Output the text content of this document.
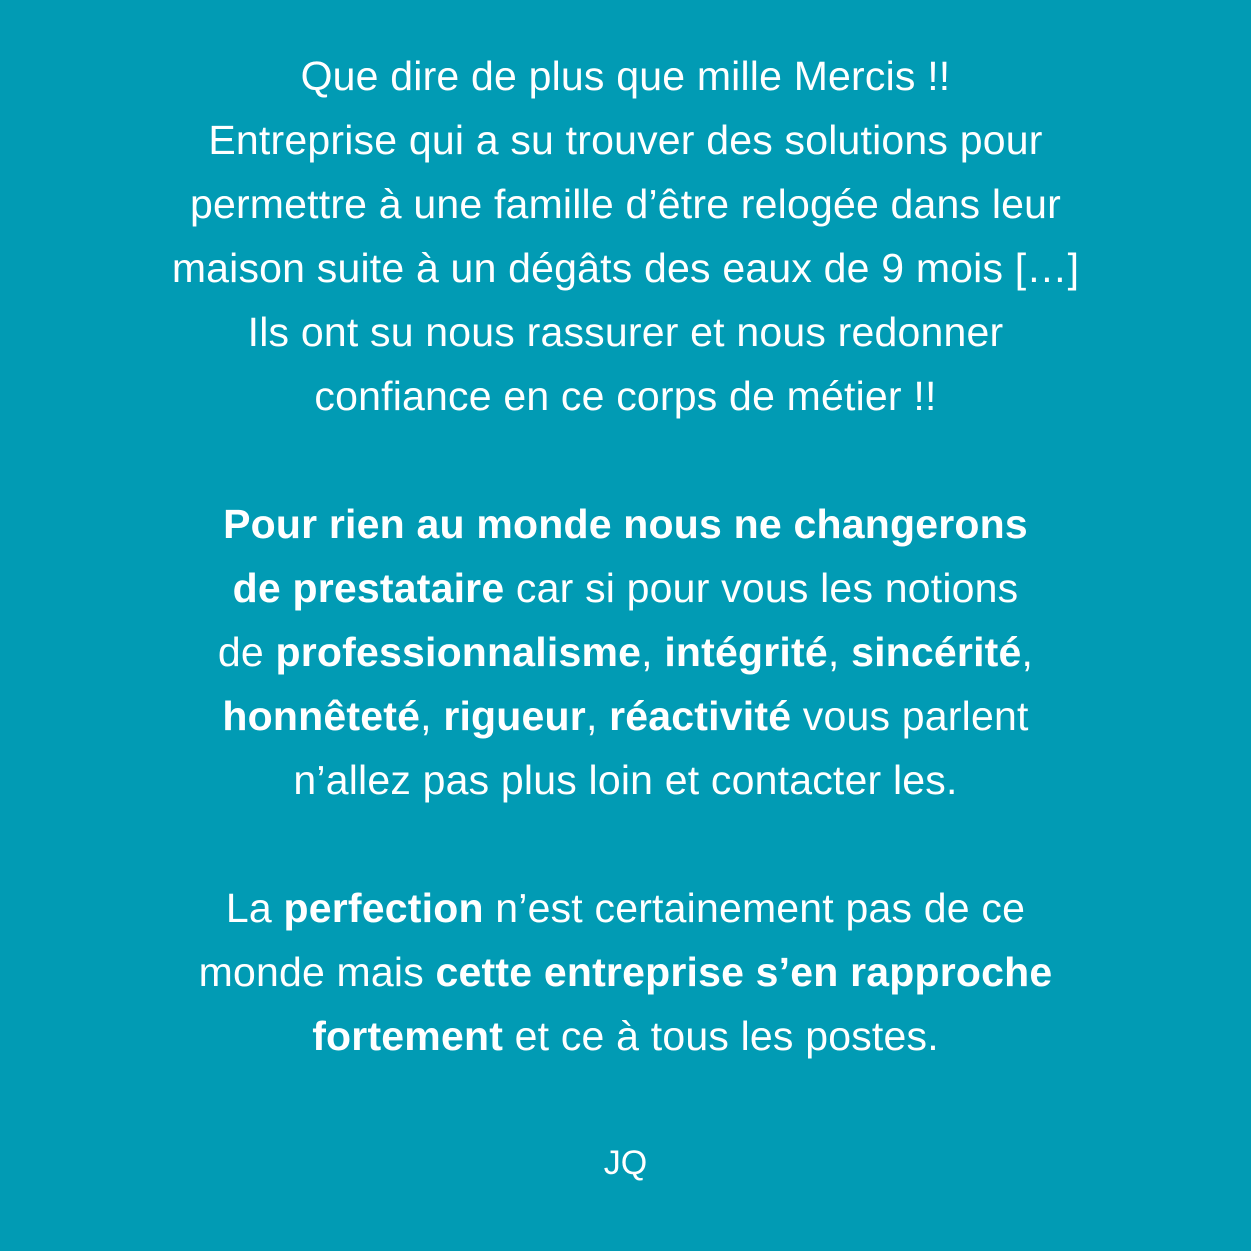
Que dire de plus que mille Mercis !!
Entreprise qui a su trouver des solutions pour
permettre à une famille d’être relogée dans leur
maison suite à un dégâts des eaux de 9 mois […]
Ils ont su nous rassurer et nous redonner
confiance en ce corps de métier !!
Pour rien au monde nous ne changerons
de prestataire car si pour vous les notions
de professionnalisme, intégrité, sincérité,
honnêteté, rigueur, réactivité vous parlent
n’allez pas plus loin et contacter les.
La perfection n’est certainement pas de ce
monde mais cette entreprise s’en rapproche
fortement et ce à tous les postes.
JQ
